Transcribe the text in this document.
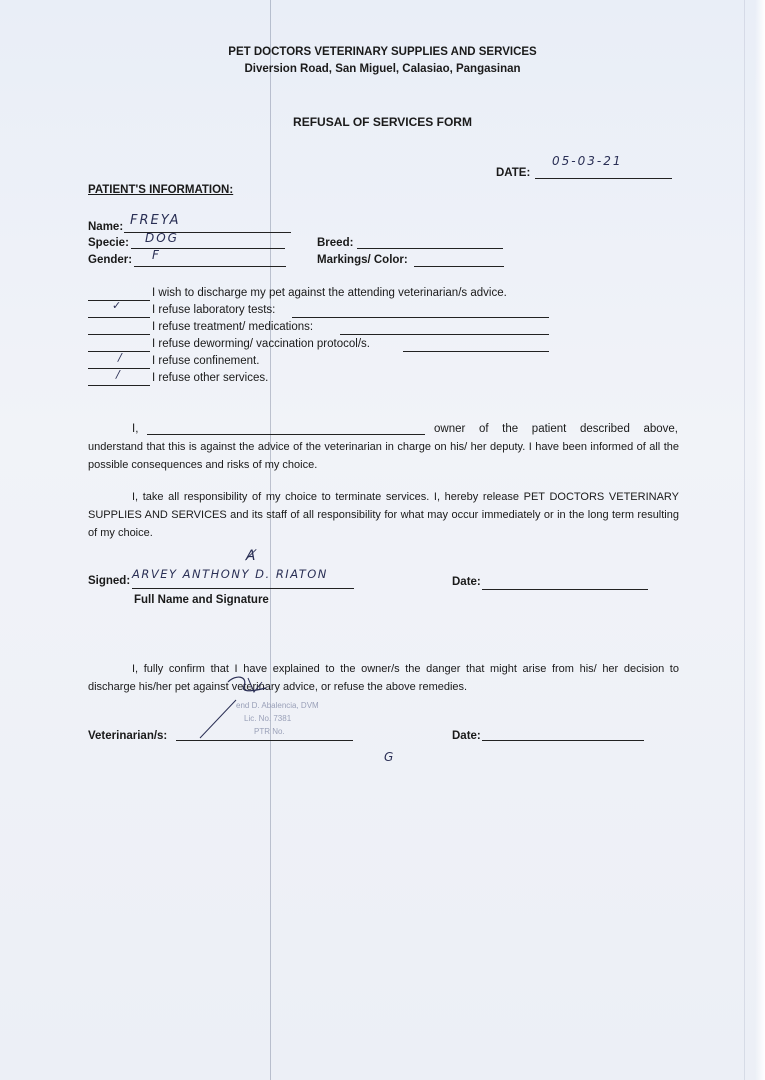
PET DOCTORS VETERINARY SUPPLIES AND SERVICES
Diversion Road, San Miguel, Calasiao, Pangasinan
REFUSAL OF SERVICES FORM
DATE:
05-03-21
PATIENT'S INFORMATION:
Name: FREYA
Specie: DOG
Gender: F
Breed:
Markings/ Color:
I wish to discharge my pet against the attending veterinarian/s advice.
✓	I refuse laboratory tests:
I refuse treatment/ medications:
I refuse deworming/ vaccination protocol/s.
/ I refuse confinement.
/	I refuse other services.
I,	owner of the patient described above,
understand that this is against the advice of the veterinarian in charge on his/ her deputy. I have been informed of all the possible consequences and risks of my choice.
I, take all responsibility of my choice to terminate services. I, hereby release PET DOCTORS VETERINARY SUPPLIES AND SERVICES and its staff of all responsibility for what may occur immediately or in the long term resulting of my choice.
Ⱥ
Signed: ARVEY ANTHONY D. RIATON
Full Name and Signature
Date:
I, fully confirm that I have explained to the owner/s the danger that might arise from his/ her decision to discharge his/her pet against veterinary advice, or refuse the above remedies.
end D. Abalencia, DVM
Lic. No. 7381
PTR No.
Veterinarian/s:	Date:
G
